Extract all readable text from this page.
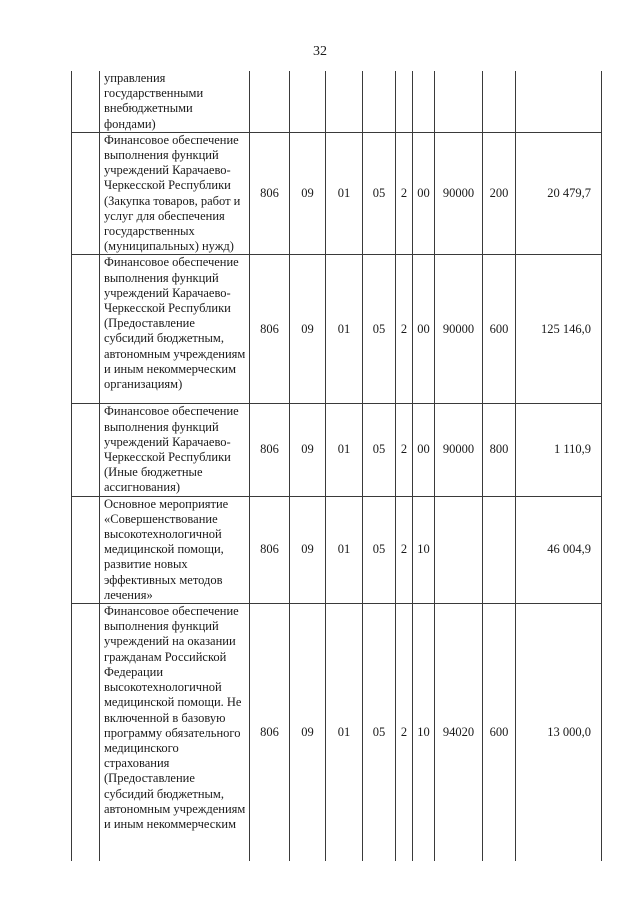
32
	управления государственными внебюджетными фондами)									
	Финансовое обеспечение выполнения функций учреждений Карачаево-Черкесской Республики (Закупка товаров, работ и услуг для обеспечения государственных (муниципальных) нужд)	806	09	01	05	2	00	90000	200	20 479,7
	Финансовое обеспечение выполнения функций учреждений Карачаево-Черкесской Республики (Предоставление субсидий бюджетным, автономным учреждениям и иным некоммерческим организациям)	806	09	01	05	2	00	90000	600	125 146,0
	Финансовое обеспечение выполнения функций учреждений Карачаево-Черкесской Республики (Иные бюджетные ассигнования)	806	09	01	05	2	00	90000	800	1 110,9
	Основное мероприятие «Совершенствование высокотехнологичной медицинской помощи, развитие новых эффективных методов лечения»	806	09	01	05	2	10			46 004,9
	Финансовое обеспечение выполнения функций учреждений на оказании гражданам Российской Федерации высокотехнологичной медицинской помощи. Не включенной в базовую программу обязательного медицинского страхования (Предоставление субсидий бюджетным, автономным учреждениям и иным некоммерческим	806	09	01	05	2	10	94020	600	13 000,0
